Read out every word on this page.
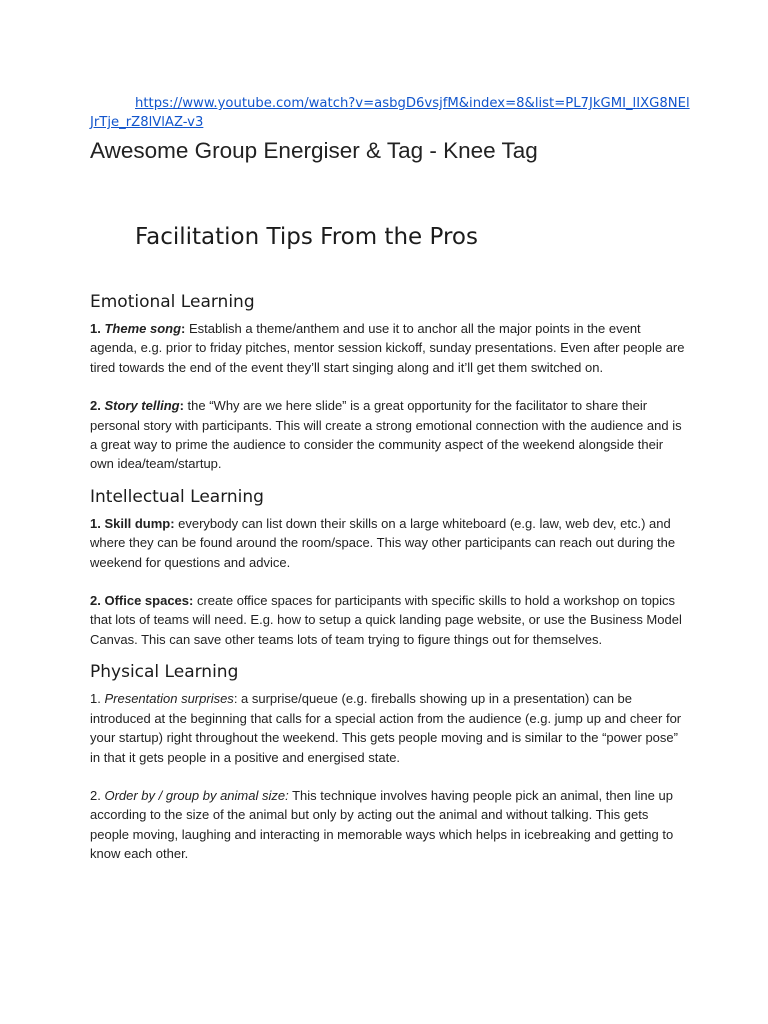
https://www.youtube.com/watch?v=asbgD6vsjfM&index=8&list=PL7JkGMI_lIXG8NElJrTje_rZ8lVlAZ-v3
Awesome Group Energiser & Tag - Knee Tag
Facilitation Tips From the Pros
Emotional Learning

1. Theme song: Establish a theme/anthem and use it to anchor all the major points in the event agenda, e.g. prior to friday pitches, mentor session kickoff, sunday presentations. Even after people are tired towards the end of the event they’ll start singing along and it’ll get them switched on.

2. Story telling: the “Why are we here slide” is a great opportunity for the facilitator to share their personal story with participants. This will create a strong emotional connection with the audience and is a great way to prime the audience to consider the community aspect of the weekend alongside their own idea/team/startup.

Intellectual Learning

1. Skill dump: everybody can list down their skills on a large whiteboard (e.g. law, web dev, etc.) and where they can be found around the room/space. This way other participants can reach out during the weekend for questions and advice.

2. Office spaces: create office spaces for participants with specific skills to hold a workshop on topics that lots of teams will need. E.g. how to setup a quick landing page website, or use the Business Model Canvas. This can save other teams lots of team trying to figure things out for themselves.

Physical Learning

1. Presentation surprises: a surprise/queue (e.g. fireballs showing up in a presentation) can be introduced at the beginning that calls for a special action from the audience (e.g. jump up and cheer for your startup) right throughout the weekend. This gets people moving and is similar to the “power pose” in that it gets people in a positive and energised state.

2. Order by / group by animal size: This technique involves having people pick an animal, then line up according to the size of the animal but only by acting out the animal and without talking. This gets people moving, laughing and interacting in memorable ways which helps in icebreaking and getting to know each other.
